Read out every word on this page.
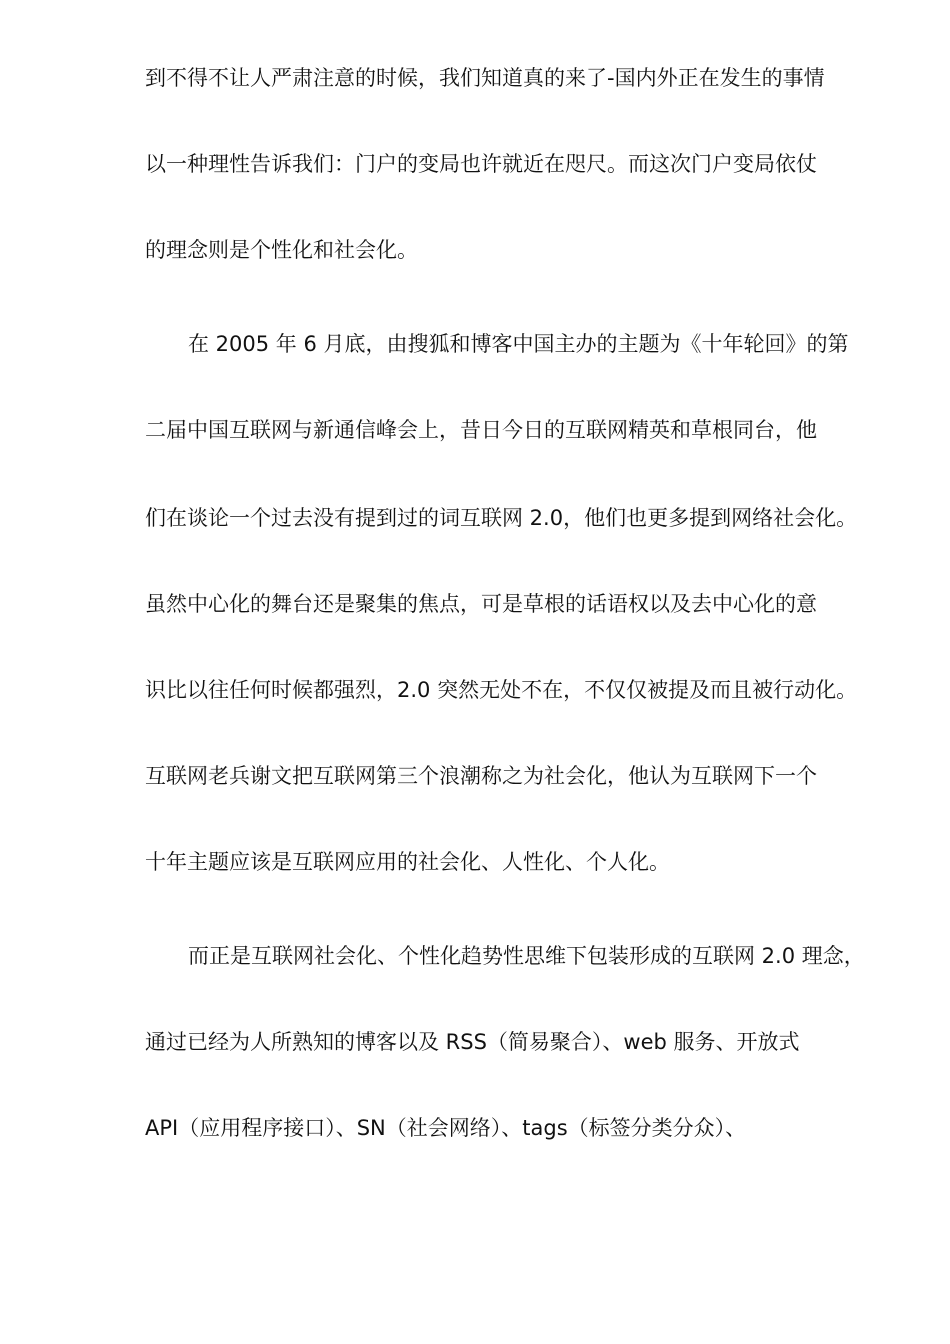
到不得不让人严肃注意的时候，我们知道真的来了-国内外正在发生的事情

以一种理性告诉我们：门户的变局也许就近在咫尺。而这次门户变局依仗

的理念则是个性化和社会化。

在 2005 年 6 月底，由搜狐和博客中国主办的主题为《十年轮回》的第

二届中国互联网与新通信峰会上，昔日今日的互联网精英和草根同台，他

们在谈论一个过去没有提到过的词互联网 2.0，他们也更多提到网络社会化。

虽然中心化的舞台还是聚集的焦点，可是草根的话语权以及去中心化的意

识比以往任何时候都强烈，2.0 突然无处不在，不仅仅被提及而且被行动化。

互联网老兵谢文把互联网第三个浪潮称之为社会化，他认为互联网下一个

十年主题应该是互联网应用的社会化、人性化、个人化。

而正是互联网社会化、个性化趋势性思维下包装形成的互联网 2.0 理念，

通过已经为人所熟知的博客以及 RSS（简易聚合）、web 服务、开放式

API（应用程序接口）、SN（社会网络）、tags（标签分类分众）、
